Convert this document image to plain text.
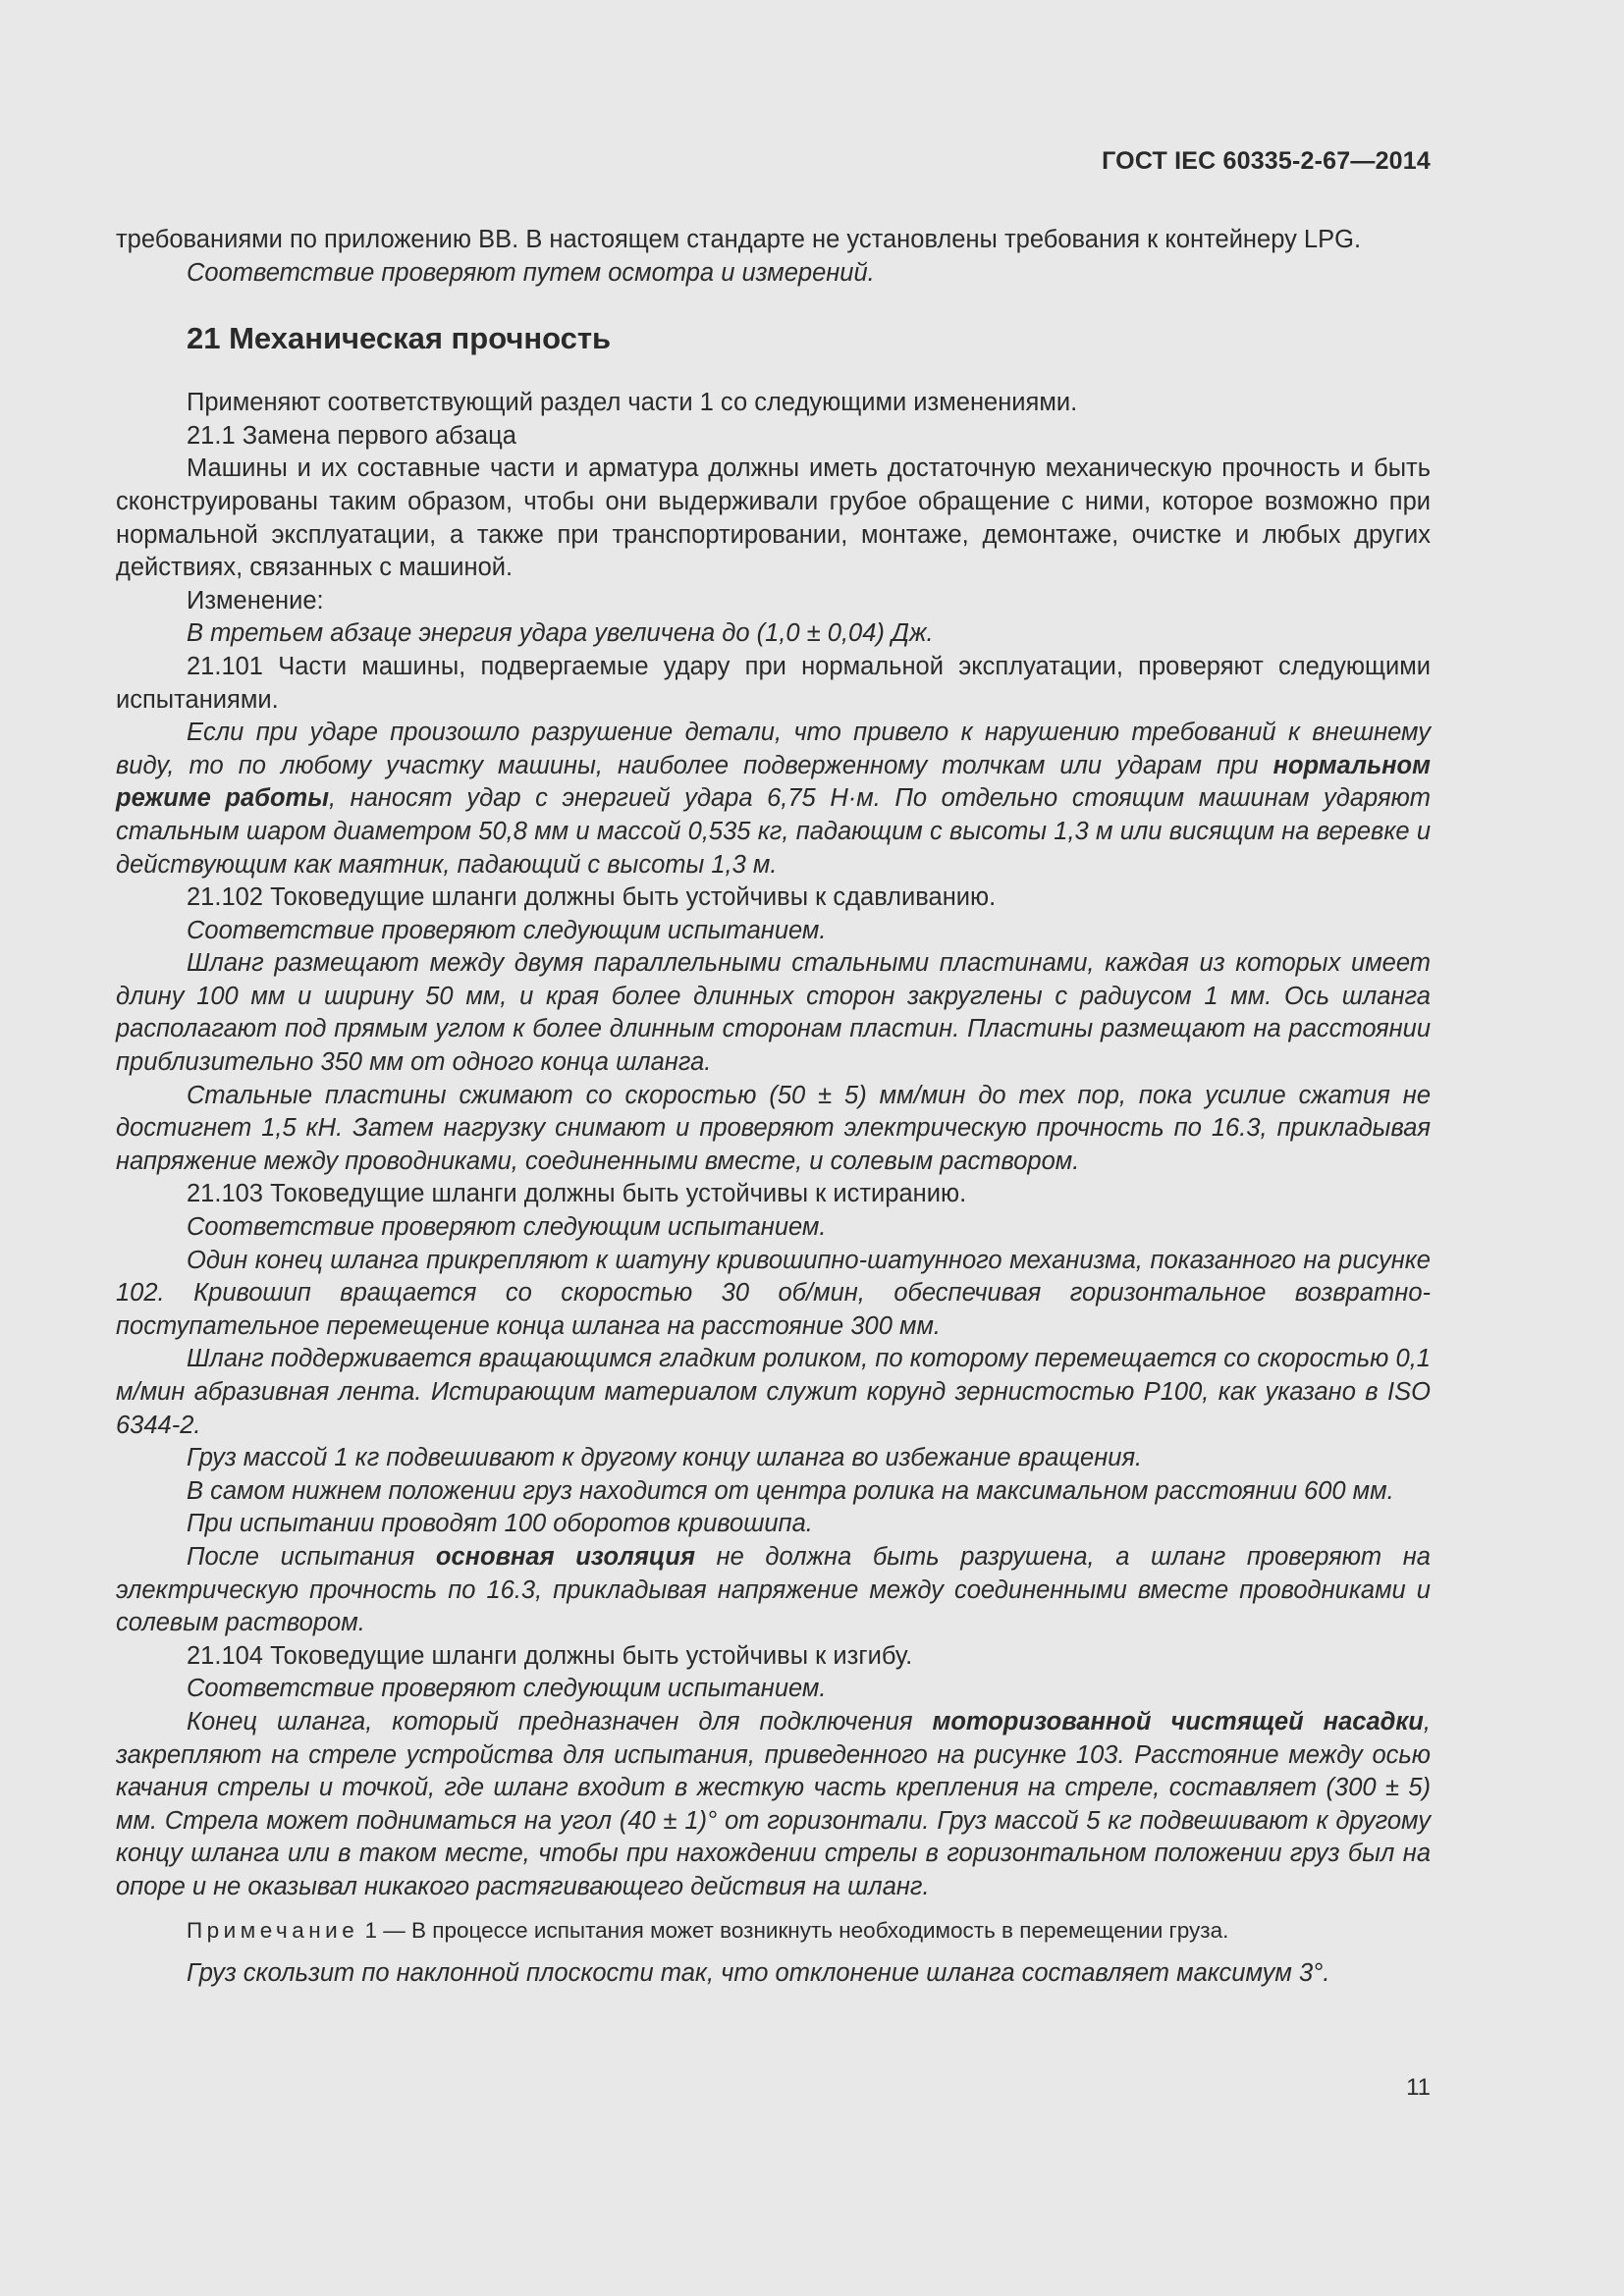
ГОСТ IEC 60335-2-67—2014

требованиями по приложению ВВ. В настоящем стандарте не установлены требования к контейнеру LPG.

Соответствие проверяют путем осмотра и измерений.

21 Механическая прочность

Применяют соответствующий раздел части 1 со следующими изменениями.

21.1 Замена первого абзаца

Машины и их составные части и арматура должны иметь достаточную механическую прочность и быть сконструированы таким образом, чтобы они выдерживали грубое обращение с ними, которое возможно при нормальной эксплуатации, а также при транспортировании, монтаже, демонтаже, очистке и любых других действиях, связанных с машиной.

Изменение:

В третьем абзаце энергия удара увеличена до (1,0 ± 0,04) Дж.

21.101 Части машины, подвергаемые удару при нормальной эксплуатации, проверяют следующими испытаниями.

Если при ударе произошло разрушение детали, что привело к нарушению требований к внешнему виду, то по любому участку машины, наиболее подверженному толчкам или ударам при нормальном режиме работы, наносят удар с энергией удара 6,75 Н·м. По отдельно стоящим машинам ударяют стальным шаром диаметром 50,8 мм и массой 0,535 кг, падающим с высоты 1,3 м или висящим на веревке и действующим как маятник, падающий с высоты 1,3 м.

21.102 Токоведущие шланги должны быть устойчивы к сдавливанию.

Соответствие проверяют следующим испытанием.

Шланг размещают между двумя параллельными стальными пластинами, каждая из которых имеет длину 100 мм и ширину 50 мм, и края более длинных сторон закруглены с радиусом 1 мм. Ось шланга располагают под прямым углом к более длинным сторонам пластин. Пластины размещают на расстоянии приблизительно 350 мм от одного конца шланга.

Стальные пластины сжимают со скоростью (50 ± 5) мм/мин до тех пор, пока усилие сжатия не достигнет 1,5 кН. Затем нагрузку снимают и проверяют электрическую прочность по 16.3, прикладывая напряжение между проводниками, соединенными вместе, и солевым раствором.

21.103 Токоведущие шланги должны быть устойчивы к истиранию.

Соответствие проверяют следующим испытанием.

Один конец шланга прикрепляют к шатуну кривошипно-шатунного механизма, показанного на рисунке 102. Кривошип вращается со скоростью 30 об/мин, обеспечивая горизонтальное возвратно-поступательное перемещение конца шланга на расстояние 300 мм.

Шланг поддерживается вращающимся гладким роликом, по которому перемещается со скоростью 0,1 м/мин абразивная лента. Истирающим материалом служит корунд зернистостью Р100, как указано в ISO 6344-2.

Груз массой 1 кг подвешивают к другому концу шланга во избежание вращения.

В самом нижнем положении груз находится от центра ролика на максимальном расстоянии 600 мм.

При испытании проводят 100 оборотов кривошипа.

После испытания основная изоляция не должна быть разрушена, а шланг проверяют на электрическую прочность по 16.3, прикладывая напряжение между соединенными вместе проводниками и солевым раствором.

21.104 Токоведущие шланги должны быть устойчивы к изгибу.

Соответствие проверяют следующим испытанием.

Конец шланга, который предназначен для подключения моторизованной чистящей насадки, закрепляют на стреле устройства для испытания, приведенного на рисунке 103. Расстояние между осью качания стрелы и точкой, где шланг входит в жесткую часть крепления на стреле, составляет (300 ± 5) мм. Стрела может подниматься на угол (40 ± 1)° от горизонтали. Груз массой 5 кг подвешивают к другому концу шланга или в таком месте, чтобы при нахождении стрелы в горизонтальном положении груз был на опоре и не оказывал никакого растягивающего действия на шланг.

Примечание 1 — В процессе испытания может возникнуть необходимость в перемещении груза.

Груз скользит по наклонной плоскости так, что отклонение шланга составляет максимум 3°.

11
